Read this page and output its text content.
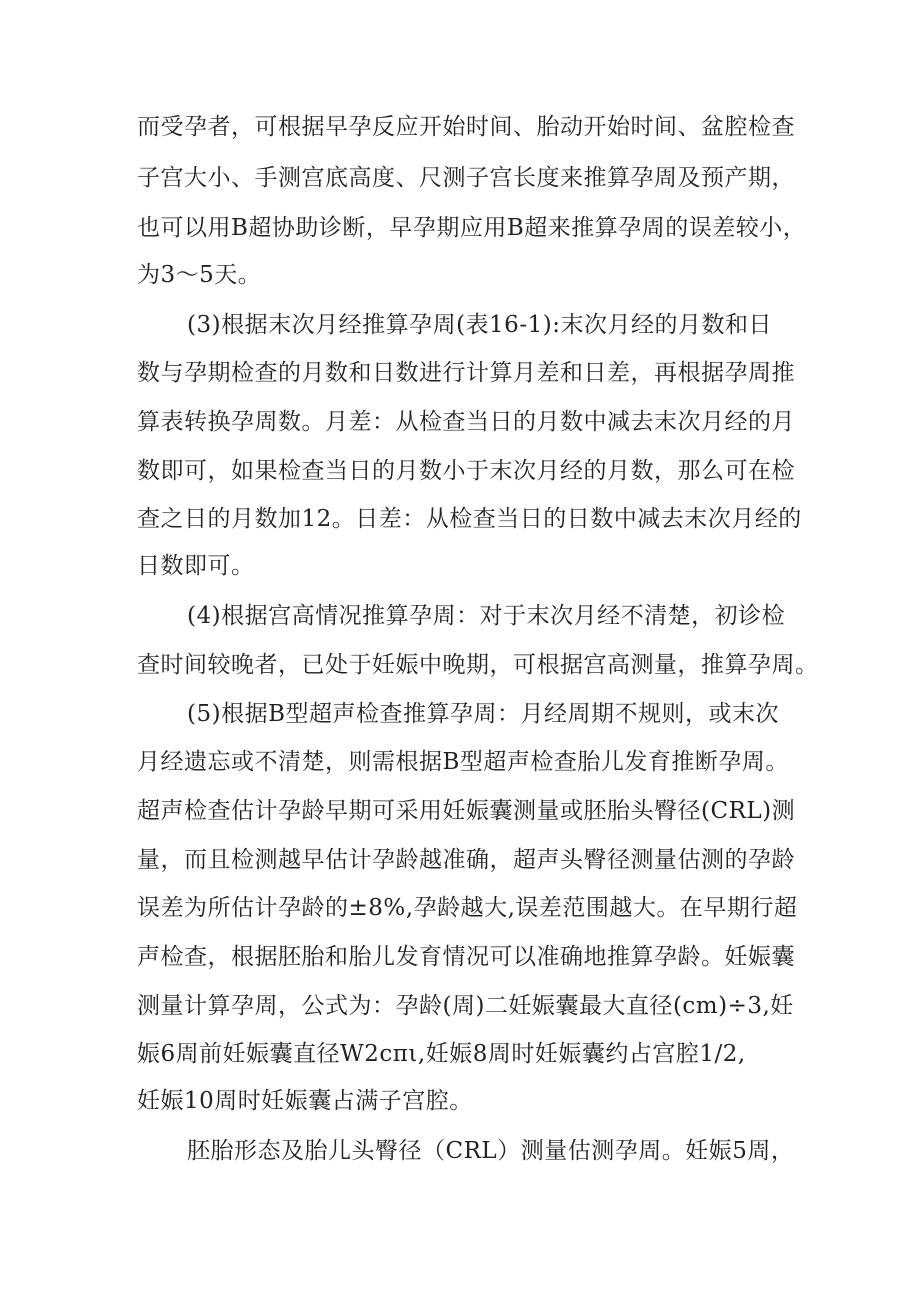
而受孕者，可根据早孕反应开始时间、胎动开始时间、盆腔检查
子宫大小、手测宫底高度、尺测子宫长度来推算孕周及预产期，
也可以用B超协助诊断，早孕期应用B超来推算孕周的误差较小，
为3～5天。
(3)根据末次月经推算孕周(表16-1):末次月经的月数和日
数与孕期检查的月数和日数进行计算月差和日差，再根据孕周推
算表转换孕周数。月差：从检查当日的月数中减去末次月经的月
数即可，如果检查当日的月数小于末次月经的月数，那么可在检
查之日的月数加12。日差：从检查当日的日数中减去末次月经的
日数即可。
(4)根据宫高情况推算孕周：对于末次月经不清楚，初诊检
查时间较晚者，已处于妊娠中晚期，可根据宫高测量，推算孕周。
(5)根据B型超声检查推算孕周：月经周期不规则，或末次
月经遗忘或不清楚，则需根据B型超声检查胎儿发育推断孕周。
超声检查估计孕龄早期可采用妊娠囊测量或胚胎头臀径(CRL)测
量，而且检测越早估计孕龄越准确，超声头臀径测量估测的孕龄
误差为所估计孕龄的±8%,孕龄越大,误差范围越大。在早期行超
声检查，根据胚胎和胎儿发育情况可以准确地推算孕龄。妊娠囊
测量计算孕周，公式为：孕龄(周)二妊娠囊最大直径(cm)÷3,妊
娠6周前妊娠囊直径W2cπι,妊娠8周时妊娠囊约占宫腔1/2,
妊娠10周时妊娠囊占满子宫腔。
胚胎形态及胎儿头臀径（CRL）测量估测孕周。妊娠5周，
